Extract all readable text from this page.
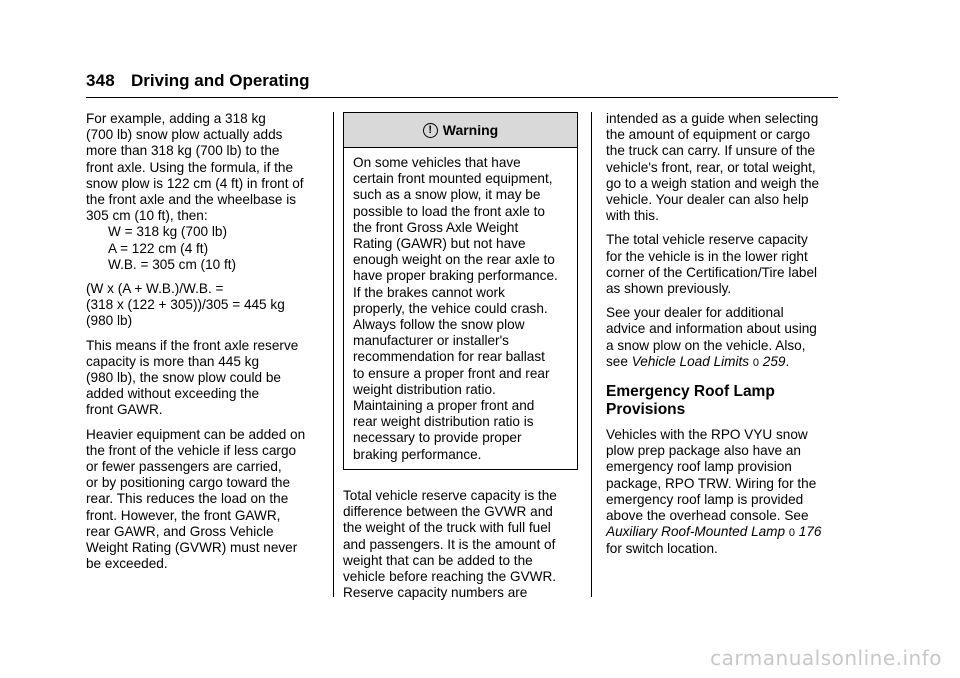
348 Driving and Operating

For example, adding a 318 kg
(700 lb) snow plow actually adds
more than 318 kg (700 lb) to the
front axle. Using the formula, if the
snow plow is 122 cm (4 ft) in front of
the front axle and the wheelbase is
305 cm (10 ft), then:
W = 318 kg (700 lb)
A = 122 cm (4 ft)
W.B. = 305 cm (10 ft)

(W x (A + W.B.)/W.B. =
(318 x (122 + 305))/305 = 445 kg
(980 lb)

This means if the front axle reserve
capacity is more than 445 kg
(980 lb), the snow plow could be
added without exceeding the
front GAWR.

Heavier equipment can be added on
the front of the vehicle if less cargo
or fewer passengers are carried,
or by positioning cargo toward the
rear. This reduces the load on the
front. However, the front GAWR,
rear GAWR, and Gross Vehicle
Weight Rating (GVWR) must never
be exceeded.

! Warning
On some vehicles that have
certain front mounted equipment,
such as a snow plow, it may be
possible to load the front axle to
the front Gross Axle Weight
Rating (GAWR) but not have
enough weight on the rear axle to
have proper braking performance.
If the brakes cannot work
properly, the vehice could crash.
Always follow the snow plow
manufacturer or installer's
recommendation for rear ballast
to ensure a proper front and rear
weight distribution ratio.
Maintaining a proper front and
rear weight distribution ratio is
necessary to provide proper
braking performance.

Total vehicle reserve capacity is the
difference between the GVWR and
the weight of the truck with full fuel
and passengers. It is the amount of
weight that can be added to the
vehicle before reaching the GVWR.
Reserve capacity numbers are

intended as a guide when selecting
the amount of equipment or cargo
the truck can carry. If unsure of the
vehicle's front, rear, or total weight,
go to a weigh station and weigh the
vehicle. Your dealer can also help
with this.

The total vehicle reserve capacity
for the vehicle is in the lower right
corner of the Certification/Tire label
as shown previously.

See your dealer for additional
advice and information about using
a snow plow on the vehicle. Also,
see Vehicle Load Limits 0 259.

Emergency Roof Lamp
Provisions

Vehicles with the RPO VYU snow
plow prep package also have an
emergency roof lamp provision
package, RPO TRW. Wiring for the
emergency roof lamp is provided
above the overhead console. See
Auxiliary Roof-Mounted Lamp 0 176
for switch location.

carmanualsonline.info
